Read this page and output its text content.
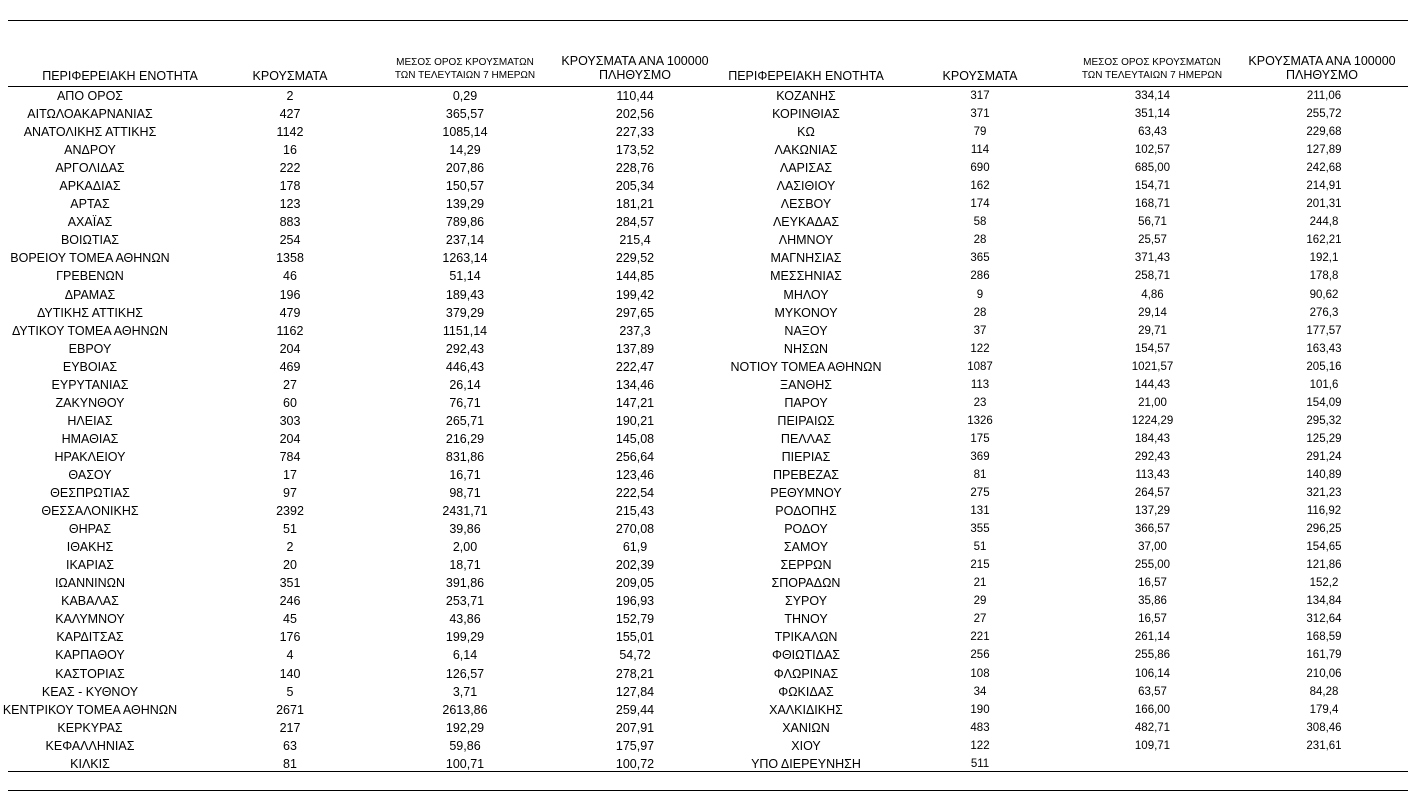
ΠΕΡΙΦΕΡΕΙΑΚΗ ΕΝΟΤΗΤΑ	ΚΡΟΥΣΜΑΤΑ
ΜΕΣΟΣ ΟΡΟΣ ΚΡΟΥΣΜΑΤΩΝ
ΤΩΝ ΤΕΛΕΥΤΑΙΩΝ 7 ΗΜΕΡΩΝ
ΚΡΟΥΣΜΑΤΑ ΑΝΑ 100000
ΠΛΗΘΥΣΜΟ	ΠΕΡΙΦΕΡΕΙΑΚΗ ΕΝΟΤΗΤΑ	ΚΡΟΥΣΜΑΤΑ
ΜΕΣΟΣ ΟΡΟΣ ΚΡΟΥΣΜΑΤΩΝ
ΤΩΝ ΤΕΛΕΥΤΑΙΩΝ 7 ΗΜΕΡΩΝ
ΚΡΟΥΣΜΑΤΑ ΑΝΑ 100000
ΠΛΗΘΥΣΜΟ
ΑΠΟ ΟΡΟΣ	2	0,29	110,44	ΚΟΖΑΝΗΣ	317	334,14	211,06
ΑΙΤΩΛΟΑΚΑΡΝΑΝΙΑΣ	427	365,57	202,56	ΚΟΡΙΝΘΙΑΣ	371	351,14	255,72
ΑΝΑΤΟΛΙΚΗΣ ΑΤΤΙΚΗΣ	1142	1085,14	227,33	ΚΩ	79	63,43	229,68
ΑΝΔΡΟΥ	16	14,29	173,52	ΛΑΚΩΝΙΑΣ	114	102,57	127,89
ΑΡΓΟΛΙΔΑΣ	222	207,86	228,76	ΛΑΡΙΣΑΣ	690	685,00	242,68
ΑΡΚΑΔΙΑΣ	178	150,57	205,34	ΛΑΣΙΘΙΟΥ	162	154,71	214,91
ΑΡΤΑΣ	123	139,29	181,21	ΛΕΣΒΟΥ	174	168,71	201,31
ΑΧΑΪΑΣ	883	789,86	284,57	ΛΕΥΚΑΔΑΣ	58	56,71	244,8
ΒΟΙΩΤΙΑΣ	254	237,14	215,4	ΛΗΜΝΟΥ	28	25,57	162,21
ΒΟΡΕΙΟΥ ΤΟΜΕΑ ΑΘΗΝΩΝ	1358	1263,14	229,52	ΜΑΓΝΗΣΙΑΣ	365	371,43	192,1
ΓΡΕΒΕΝΩΝ	46	51,14	144,85	ΜΕΣΣΗΝΙΑΣ	286	258,71	178,8
ΔΡΑΜΑΣ	196	189,43	199,42	ΜΗΛΟΥ	9	4,86	90,62
ΔΥΤΙΚΗΣ ΑΤΤΙΚΗΣ	479	379,29	297,65	ΜΥΚΟΝΟΥ	28	29,14	276,3
ΔΥΤΙΚΟΥ ΤΟΜΕΑ ΑΘΗΝΩΝ	1162	1151,14	237,3	ΝΑΞΟΥ	37	29,71	177,57
ΕΒΡΟΥ	204	292,43	137,89	ΝΗΣΩΝ	122	154,57	163,43
ΕΥΒΟΙΑΣ	469	446,43	222,47	ΝΟΤΙΟΥ ΤΟΜΕΑ ΑΘΗΝΩΝ	1087	1021,57	205,16
ΕΥΡΥΤΑΝΙΑΣ	27	26,14	134,46	ΞΑΝΘΗΣ	113	144,43	101,6
ΖΑΚΥΝΘΟΥ	60	76,71	147,21	ΠΑΡΟΥ	23	21,00	154,09
ΗΛΕΙΑΣ	303	265,71	190,21	ΠΕΙΡΑΙΩΣ	1326	1224,29	295,32
ΗΜΑΘΙΑΣ	204	216,29	145,08	ΠΕΛΛΑΣ	175	184,43	125,29
ΗΡΑΚΛΕΙΟΥ	784	831,86	256,64	ΠΙΕΡΙΑΣ	369	292,43	291,24
ΘΑΣΟΥ	17	16,71	123,46	ΠΡΕΒΕΖΑΣ	81	113,43	140,89
ΘΕΣΠΡΩΤΙΑΣ	97	98,71	222,54	ΡΕΘΥΜΝΟΥ	275	264,57	321,23
ΘΕΣΣΑΛΟΝΙΚΗΣ	2392	2431,71	215,43	ΡΟΔΟΠΗΣ	131	137,29	116,92
ΘΗΡΑΣ	51	39,86	270,08	ΡΟΔΟΥ	355	366,57	296,25
ΙΘΑΚΗΣ	2	2,00	61,9	ΣΑΜΟΥ	51	37,00	154,65
ΙΚΑΡΙΑΣ	20	18,71	202,39	ΣΕΡΡΩΝ	215	255,00	121,86
ΙΩΑΝΝΙΝΩΝ	351	391,86	209,05	ΣΠΟΡΑΔΩΝ	21	16,57	152,2
ΚΑΒΑΛΑΣ	246	253,71	196,93	ΣΥΡΟΥ	29	35,86	134,84
ΚΑΛΥΜΝΟΥ	45	43,86	152,79	ΤΗΝΟΥ	27	16,57	312,64
ΚΑΡΔΙΤΣΑΣ	176	199,29	155,01	ΤΡΙΚΑΛΩΝ	221	261,14	168,59
ΚΑΡΠΑΘΟΥ	4	6,14	54,72	ΦΘΙΩΤΙΔΑΣ	256	255,86	161,79
ΚΑΣΤΟΡΙΑΣ	140	126,57	278,21	ΦΛΩΡΙΝΑΣ	108	106,14	210,06
ΚΕΑΣ - ΚΥΘΝΟΥ	5	3,71	127,84	ΦΩΚΙΔΑΣ	34	63,57	84,28
ΚΕΝΤΡΙΚΟΥ ΤΟΜΕΑ ΑΘΗΝΩΝ	2671	2613,86	259,44	ΧΑΛΚΙΔΙΚΗΣ	190	166,00	179,4
ΚΕΡΚΥΡΑΣ	217	192,29	207,91	ΧΑΝΙΩΝ	483	482,71	308,46
ΚΕΦΑΛΛΗΝΙΑΣ	63	59,86	175,97	ΧΙΟΥ	122	109,71	231,61
ΚΙΛΚΙΣ	81	100,71	100,72	ΥΠΟ ΔΙΕΡΕΥΝΗΣΗ	511
